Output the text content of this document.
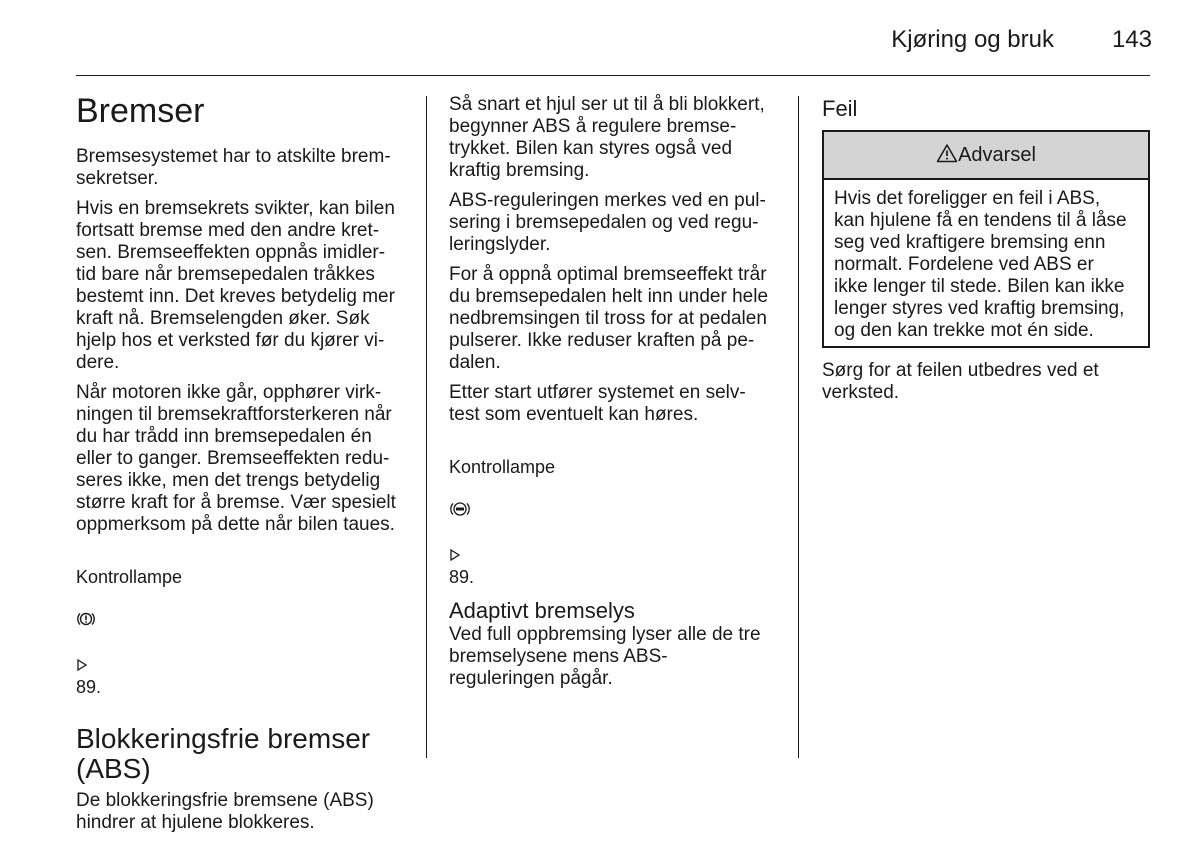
Kjøring og bruk 143
Bremser

Bremsesystemet har to atskilte brem-
sekretser.

Hvis en bremsekrets svikter, kan bilen
fortsatt bremse med den andre kret-
sen. Bremseeffekten oppnås imidler-
tid bare når bremsepedalen tråkkes
bestemt inn. Det kreves betydelig mer
kraft nå. Bremselengden øker. Søk
hjelp hos et verksted før du kjører vi-
dere.

Når motoren ikke går, opphører virk-
ningen til bremsekraftforsterkeren når
du har trådd inn bremsepedalen én
eller to ganger. Bremseeffekten redu-
seres ikke, men det trengs betydelig
større kraft for å bremse. Vær spesielt
oppmerksom på dette når bilen taues.

Kontrollampe

89.

Blokkeringsfrie bremser
(ABS)

De blokkeringsfrie bremsene (ABS)
hindrer at hjulene blokkeres.

Så snart et hjul ser ut til å bli blokkert,
begynner ABS å regulere bremse-
trykket. Bilen kan styres også ved
kraftig bremsing.

ABS-reguleringen merkes ved en pul-
sering i bremsepedalen og ved regu-
leringslyder.

For å oppnå optimal bremseeffekt trår
du bremsepedalen helt inn under hele
nedbremsingen til tross for at pedalen
pulserer. Ikke reduser kraften på pe-
dalen.

Etter start utfører systemet en selv-
test som eventuelt kan høres.

Kontrollampe

89.

Adaptivt bremselys

Ved full oppbremsing lyser alle de tre
bremselysene mens ABS-
reguleringen pågår.

Feil
Advarsel
Hvis det foreligger en feil i ABS,
kan hjulene få en tendens til å låse
seg ved kraftigere bremsing enn
normalt. Fordelene ved ABS er
ikke lenger til stede. Bilen kan ikke
lenger styres ved kraftig bremsing,
og den kan trekke mot én side.

Sørg for at feilen utbedres ved et
verksted.
